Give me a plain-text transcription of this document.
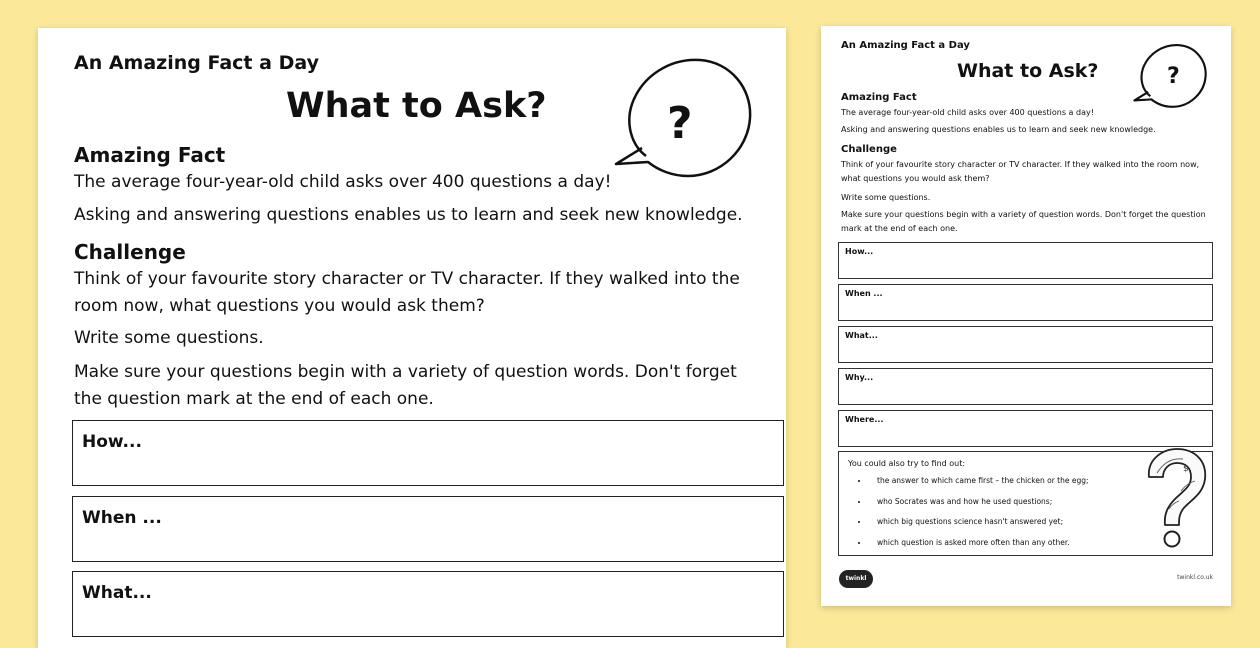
An Amazing Fact a Day
What to Ask?	?
Amazing Fact
The average four-year-old child asks over 400 questions a day!
Asking and answering questions enables us to learn and seek new knowledge.
Challenge
Think of your favourite story character or TV character. If they walked into the room now, what questions you would ask them?
Write some questions.
Make sure your questions begin with a variety of question words. Don't forget the question mark at the end of each one.
How...
When ...
What...
An Amazing Fact a Day
What to Ask?	?
Amazing Fact
The average four-year-old child asks over 400 questions a day!
Asking and answering questions enables us to learn and seek new knowledge.
Challenge
Think of your favourite story character or TV character. If they walked into the room now, what questions you would ask them?
Write some questions.
Make sure your questions begin with a variety of question words. Don't forget the question mark at the end of each one.
How...
When ...
What...
Why...
Where...
You could also try to find out:
• the answer to which came first – the chicken or the egg;
• who Socrates was and how he used questions;
• which big questions science hasn't answered yet;
• which question is asked more often than any other.
$
twinkl	twinkl.co.uk
